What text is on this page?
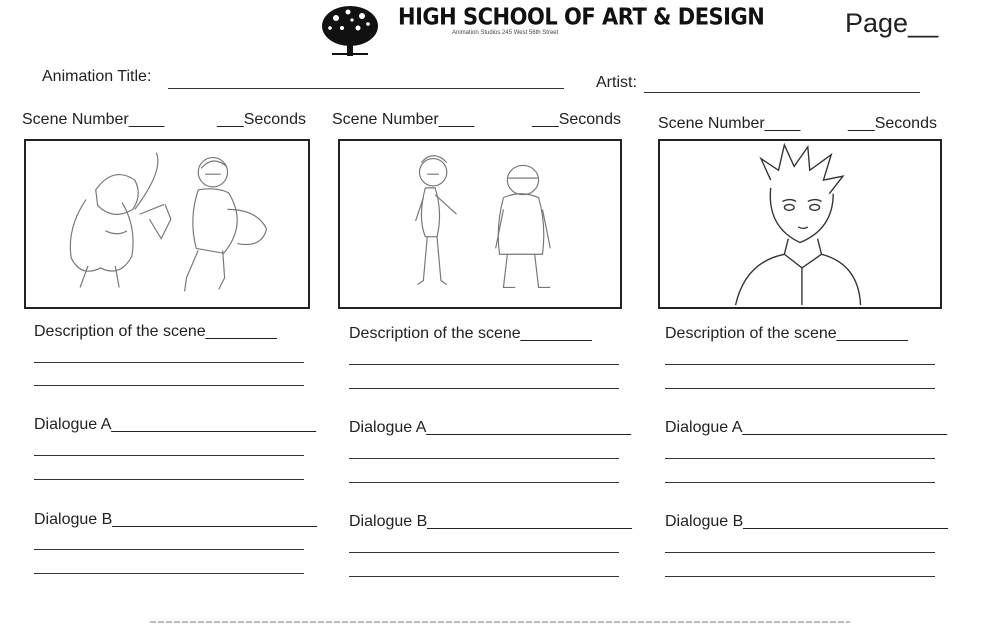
HIGH SCHOOL OF ART & DESIGN
Animation Studios 245 West 56th Street	Page__
Animation Title:	Artist:
Scene Number____	___Seconds
Description of the scene________
Dialogue A_______________________
Dialogue B_______________________
Scene Number____	___Seconds
Description of the scene________
Dialogue A_______________________
Dialogue B_______________________
Scene Number____	___Seconds
Description of the scene________
Dialogue A_______________________
Dialogue B_______________________
